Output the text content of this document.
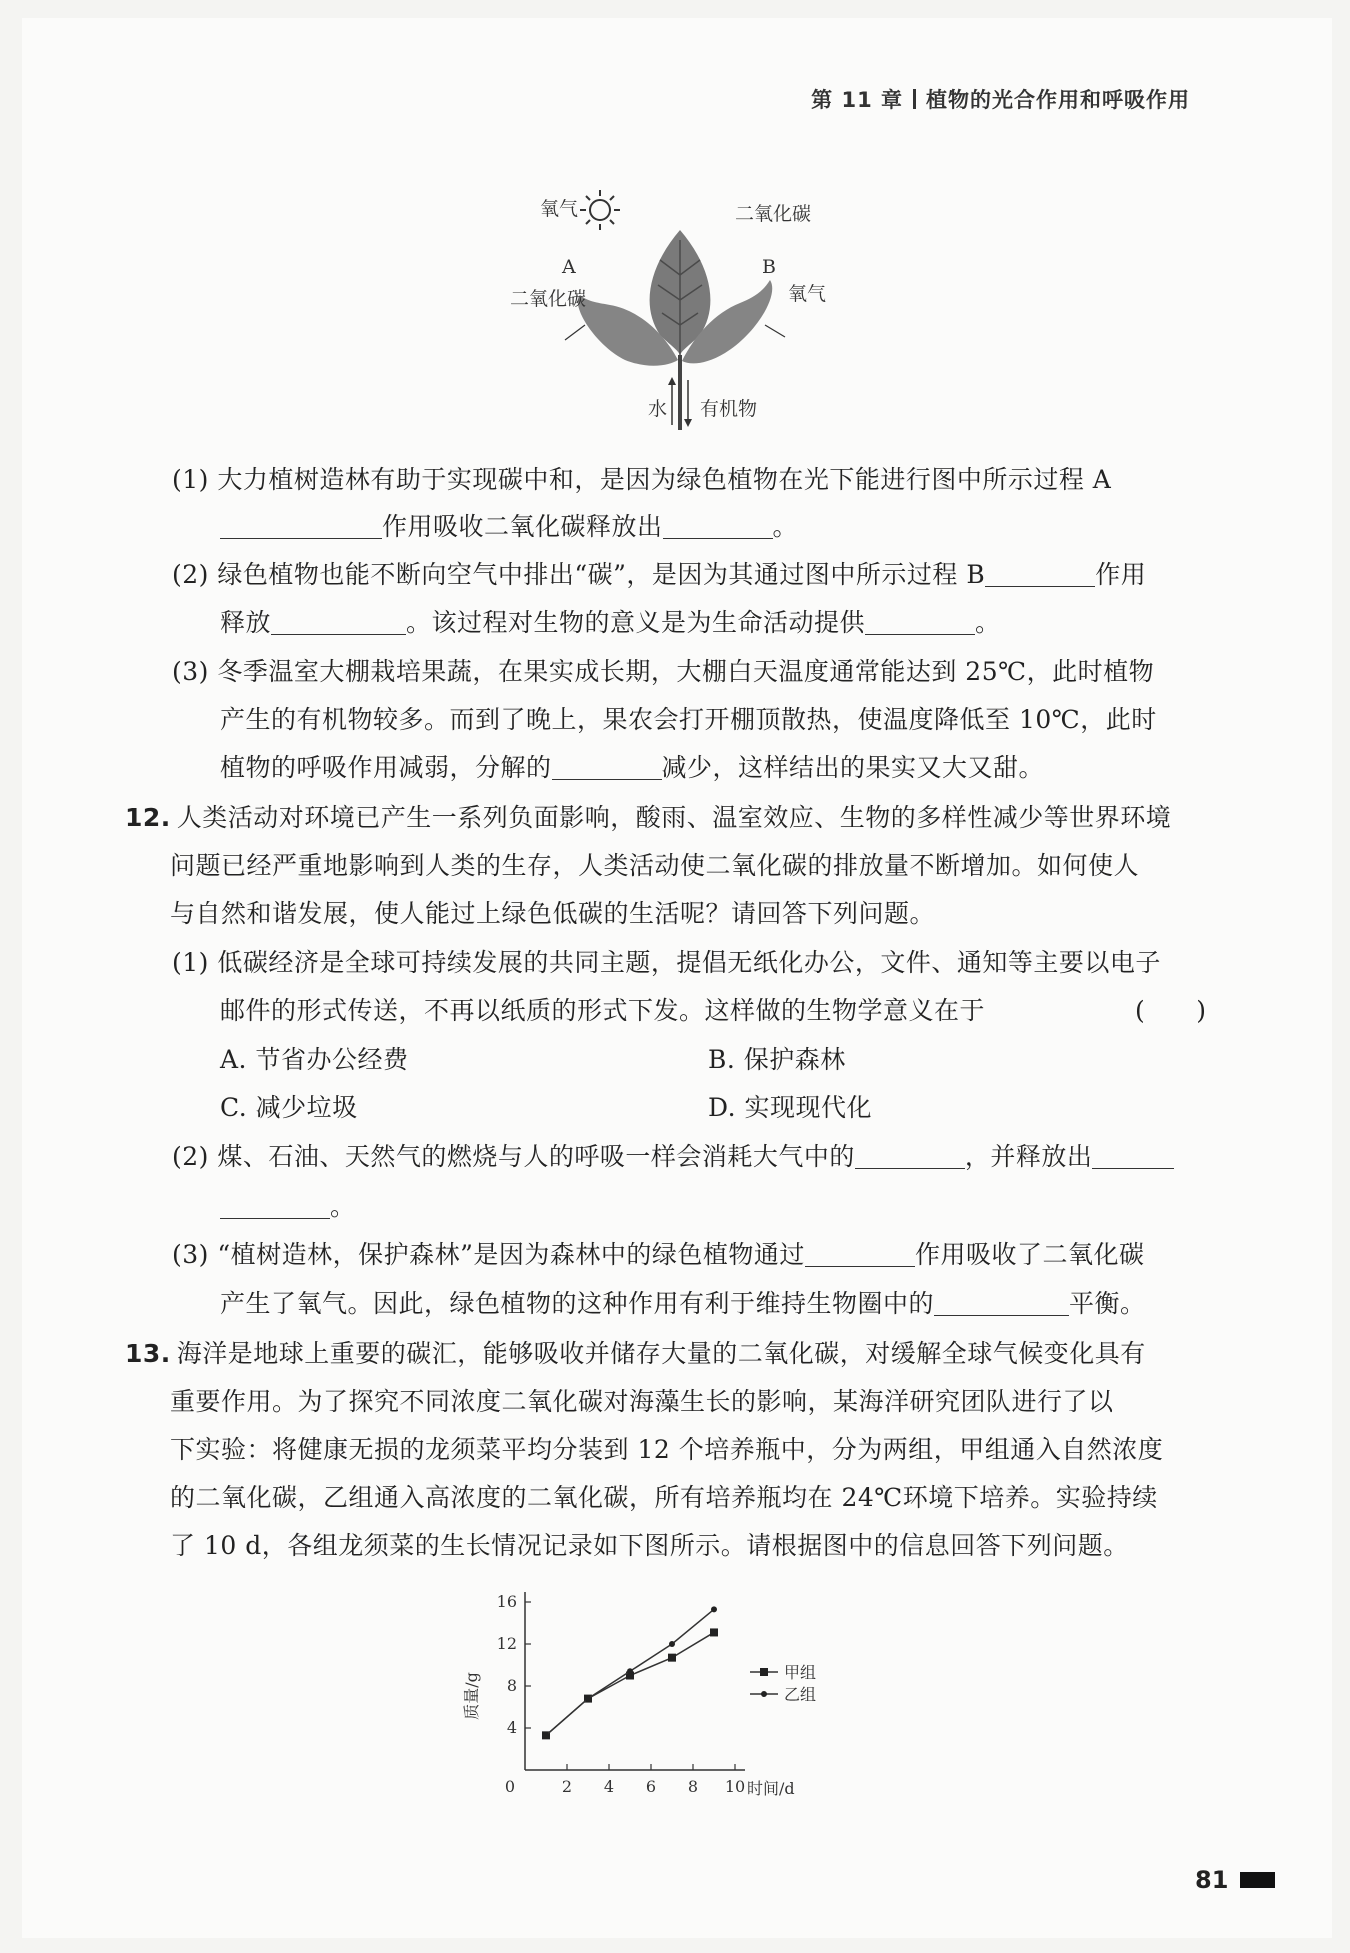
第 11 章 植物的光合作用和呼吸作用
氧气	二氧化碳
A	B
二氧化碳	氧气
水 有机物
(1) 大力植树造林有助于实现碳中和，是因为绿色植物在光下能进行图中所示过程 A
作用吸收二氧化碳释放出	。
(2) 绿色植物也能不断向空气中排出“碳”，是因为其通过图中所示过程 B	作用
释放	。该过程对生物的意义是为生命活动提供	。
(3) 冬季温室大棚栽培果蔬，在果实成长期，大棚白天温度通常能达到 25℃，此时植物
产生的有机物较多。而到了晚上，果农会打开棚顶散热，使温度降低至 10℃，此时
植物的呼吸作用减弱，分解的	减少，这样结出的果实又大又甜。
12. 人类活动对环境已产生一系列负面影响，酸雨、温室效应、生物的多样性减少等世界环境
问题已经严重地影响到人类的生存，人类活动使二氧化碳的排放量不断增加。如何使人
与自然和谐发展，使人能过上绿色低碳的生活呢？请回答下列问题。
(1) 低碳经济是全球可持续发展的共同主题，提倡无纸化办公，文件、通知等主要以电子
邮件的形式传送，不再以纸质的形式下发。这样做的生物学意义在于	(　　)
A. 节省办公经费	B. 保护森林
C. 减少垃圾	D. 实现现代化
(2) 煤、石油、天然气的燃烧与人的呼吸一样会消耗大气中的	，并释放出
。
(3) “植树造林，保护森林”是因为森林中的绿色植物通过	作用吸收了二氧化碳
产生了氧气。因此，绿色植物的这种作用有利于维持生物圈中的	平衡。
13. 海洋是地球上重要的碳汇，能够吸收并储存大量的二氧化碳，对缓解全球气候变化具有
重要作用。为了探究不同浓度二氧化碳对海藻生长的影响，某海洋研究团队进行了以
下实验：将健康无损的龙须菜平均分装到 12 个培养瓶中，分为两组，甲组通入自然浓度
的二氧化碳，乙组通入高浓度的二氧化碳，所有培养瓶均在 24℃环境下培养。实验持续
了 10 d，各组龙须菜的生长情况记录如下图所示。请根据图中的信息回答下列问题。
4
8
12
16
0	2 4 6 8 10 时间/d
质量/g	甲组
乙组
81
